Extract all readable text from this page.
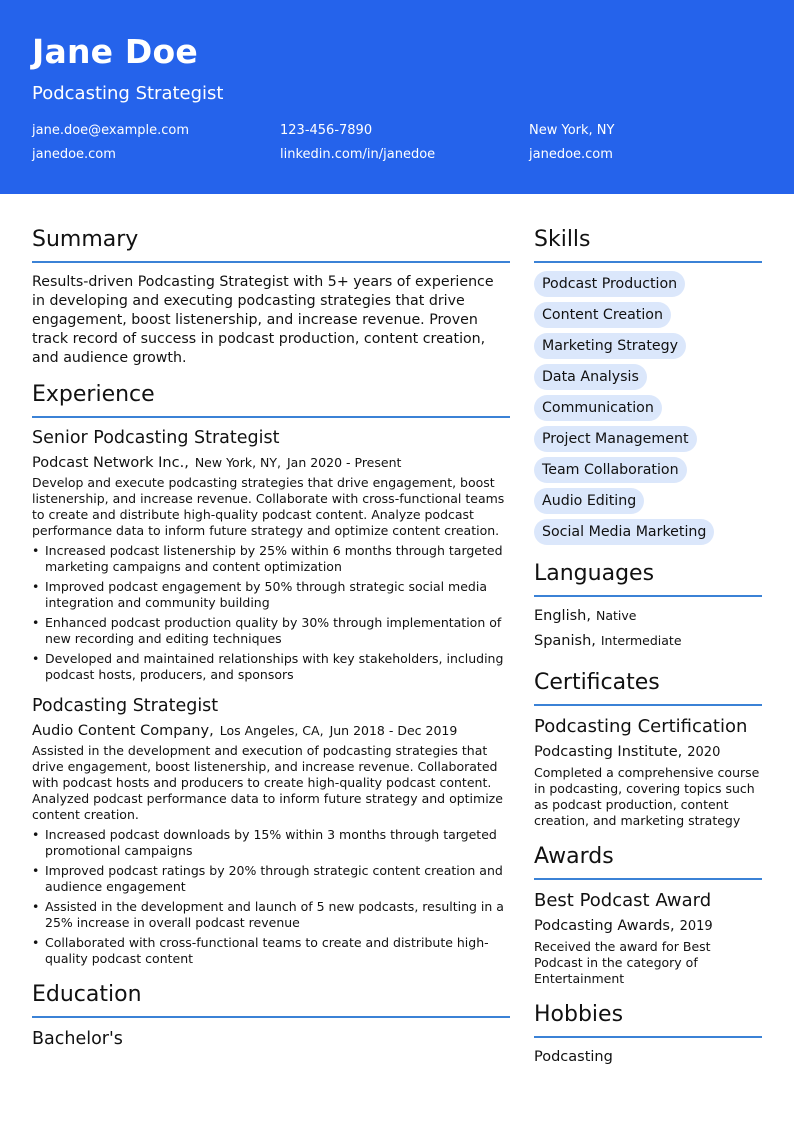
Jane Doe
Podcasting Strategist
jane.doe@example.com	123-456-7890	New York, NY
janedoe.com	linkedin.com/in/janedoe	janedoe.com
Summary

Results-driven Podcasting Strategist with 5+ years of experience in developing and executing podcasting strategies that drive engagement, boost listenership, and increase revenue. Proven track record of success in podcast production, content creation, and audience growth.

Experience
Senior Podcasting Strategist
Podcast Network Inc., New York, NY, Jan 2020 - Present

Develop and execute podcasting strategies that drive engagement, boost listenership, and increase revenue. Collaborate with cross-functional teams to create and distribute high-quality podcast content. Analyze podcast performance data to inform future strategy and optimize content creation.

• Increased podcast listenership by 25% within 6 months through targeted marketing campaigns and content optimization
• Improved podcast engagement by 50% through strategic social media integration and community building
• Enhanced podcast production quality by 30% through implementation of new recording and editing techniques
• Developed and maintained relationships with key stakeholders, including podcast hosts, producers, and sponsors
Podcasting Strategist
Audio Content Company, Los Angeles, CA, Jun 2018 - Dec 2019

Assisted in the development and execution of podcasting strategies that drive engagement, boost listenership, and increase revenue. Collaborated with podcast hosts and producers to create high-quality podcast content. Analyzed podcast performance data to inform future strategy and optimize content creation.

• Increased podcast downloads by 15% within 3 months through targeted promotional campaigns
• Improved podcast ratings by 20% through strategic content creation and audience engagement
• Assisted in the development and launch of 5 new podcasts, resulting in a 25% increase in overall podcast revenue
• Collaborated with cross-functional teams to create and distribute high-quality podcast content
Education
Bachelor's
Skills
Podcast Production
Content Creation
Marketing Strategy
Data Analysis
Communication
Project Management
Team Collaboration
Audio Editing
Social Media Marketing
Languages
English, Native
Spanish, Intermediate
Certificates
Podcasting Certification
Podcasting Institute, 2020

Completed a comprehensive course in podcasting, covering topics such as podcast production, content creation, and marketing strategy

Awards
Best Podcast Award
Podcasting Awards, 2019

Received the award for Best Podcast in the category of Entertainment

Hobbies
Podcasting
